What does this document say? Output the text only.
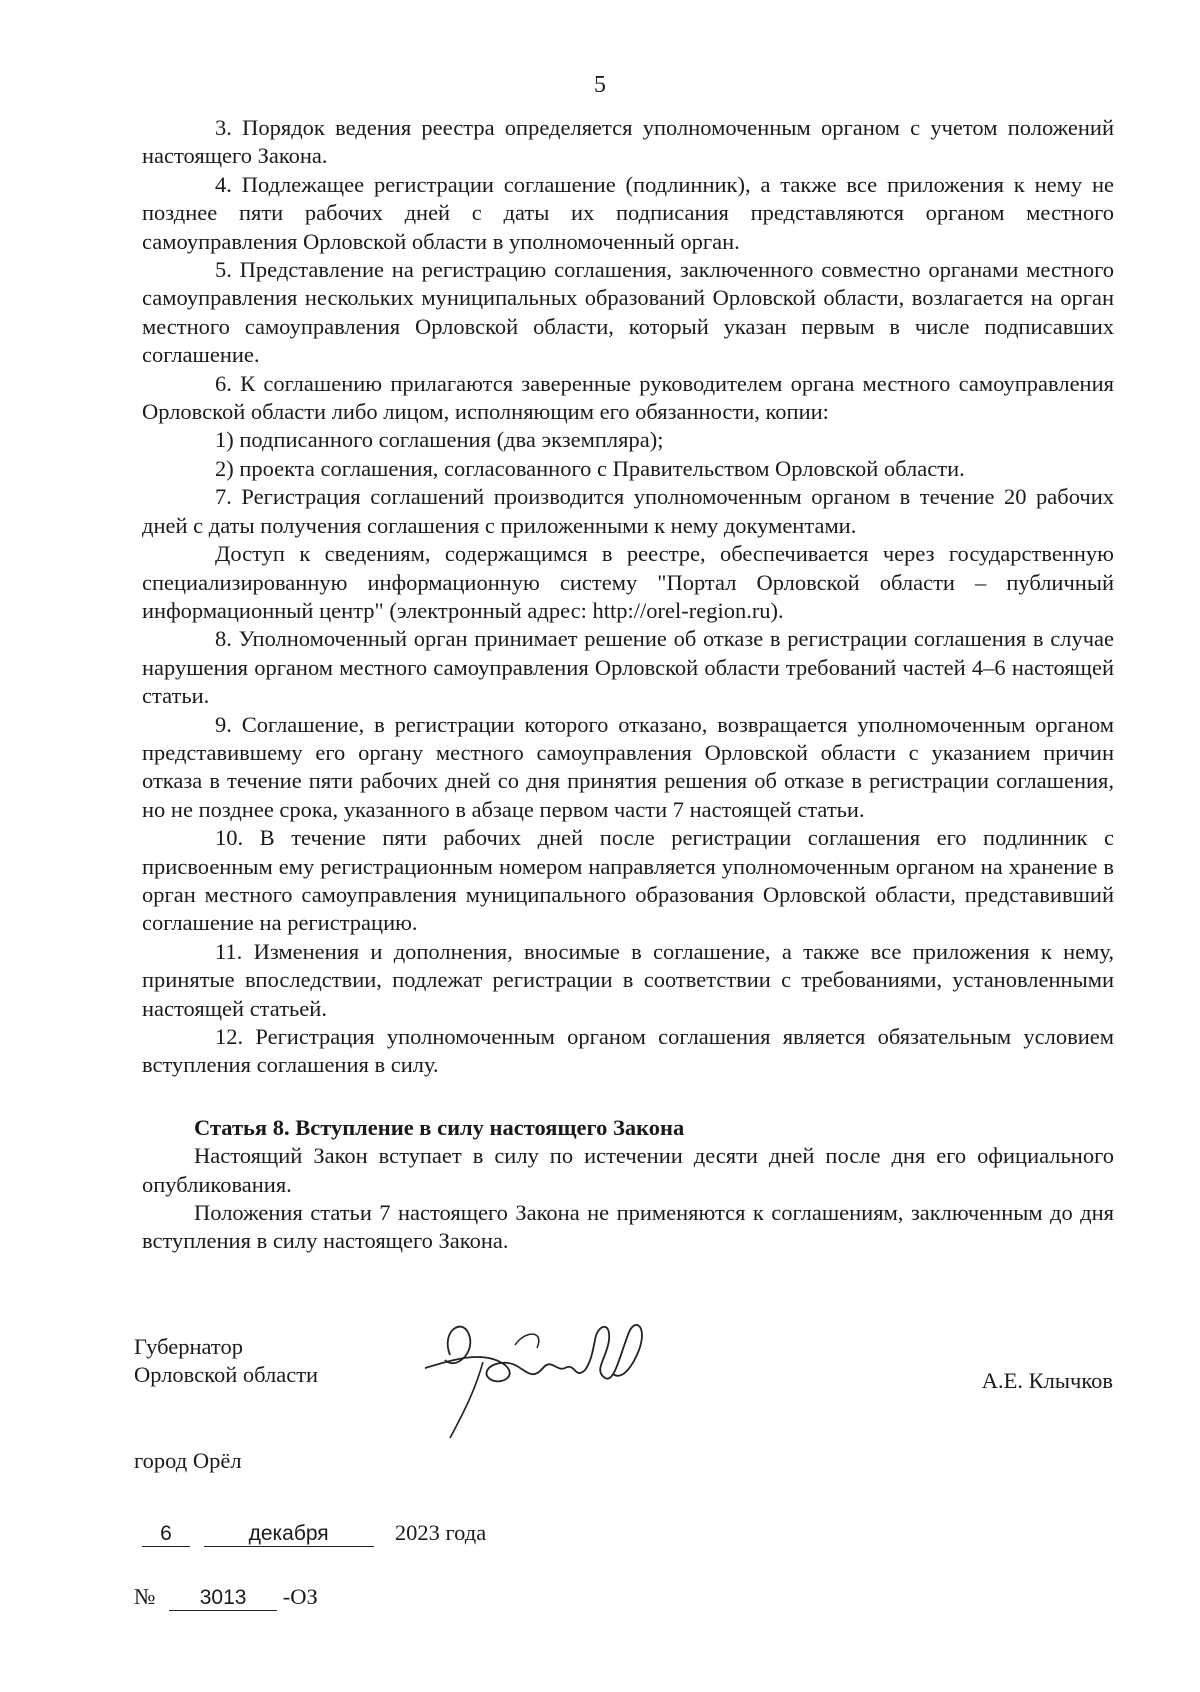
5

3. Порядок ведения реестра определяется уполномоченным органом с учетом положений настоящего Закона.

4. Подлежащее регистрации соглашение (подлинник), а также все приложения к нему не позднее пяти рабочих дней с даты их подписания представляются органом местного самоуправления Орловской области в уполномоченный орган.

5. Представление на регистрацию соглашения, заключенного совместно органами местного самоуправления нескольких муниципальных образований Орловской области, возлагается на орган местного самоуправления Орловской области, который указан первым в числе подписавших соглашение.

6. К соглашению прилагаются заверенные руководителем органа местного самоуправления Орловской области либо лицом, исполняющим его обязанности, копии:

1) подписанного соглашения (два экземпляра);

2) проекта соглашения, согласованного с Правительством Орловской области.

7. Регистрация соглашений производится уполномоченным органом в течение 20 рабочих дней с даты получения соглашения с приложенными к нему документами.

Доступ к сведениям, содержащимся в реестре, обеспечивается через государственную специализированную информационную систему "Портал Орловской области – публичный информационный центр" (электронный адрес: http://orel-region.ru).

8. Уполномоченный орган принимает решение об отказе в регистрации соглашения в случае нарушения органом местного самоуправления Орловской области требований частей 4–6 настоящей статьи.

9. Соглашение, в регистрации которого отказано, возвращается уполномоченным органом представившему его органу местного самоуправления Орловской области с указанием причин отказа в течение пяти рабочих дней со дня принятия решения об отказе в регистрации соглашения, но не позднее срока, указанного в абзаце первом части 7 настоящей статьи.

10. В течение пяти рабочих дней после регистрации соглашения его подлинник с присвоенным ему регистрационным номером направляется уполномоченным органом на хранение в орган местного самоуправления муниципального образования Орловской области, представивший соглашение на регистрацию.

11. Изменения и дополнения, вносимые в соглашение, а также все приложения к нему, принятые впоследствии, подлежат регистрации в соответствии с требованиями, установленными настоящей статьей.

12. Регистрация уполномоченным органом соглашения является обязательным условием вступления соглашения в силу.

Статья 8. Вступление в силу настоящего Закона

Настоящий Закон вступает в силу по истечении десяти дней после дня его официального опубликования.

Положения статьи 7 настоящего Закона не применяются к соглашениям, заключенным до дня вступления в силу настоящего Закона.

Губернатор
Орловской области	А.Е. Клычков
город Орёл
6	декабря	2023 года
№ 3013 -ОЗ
